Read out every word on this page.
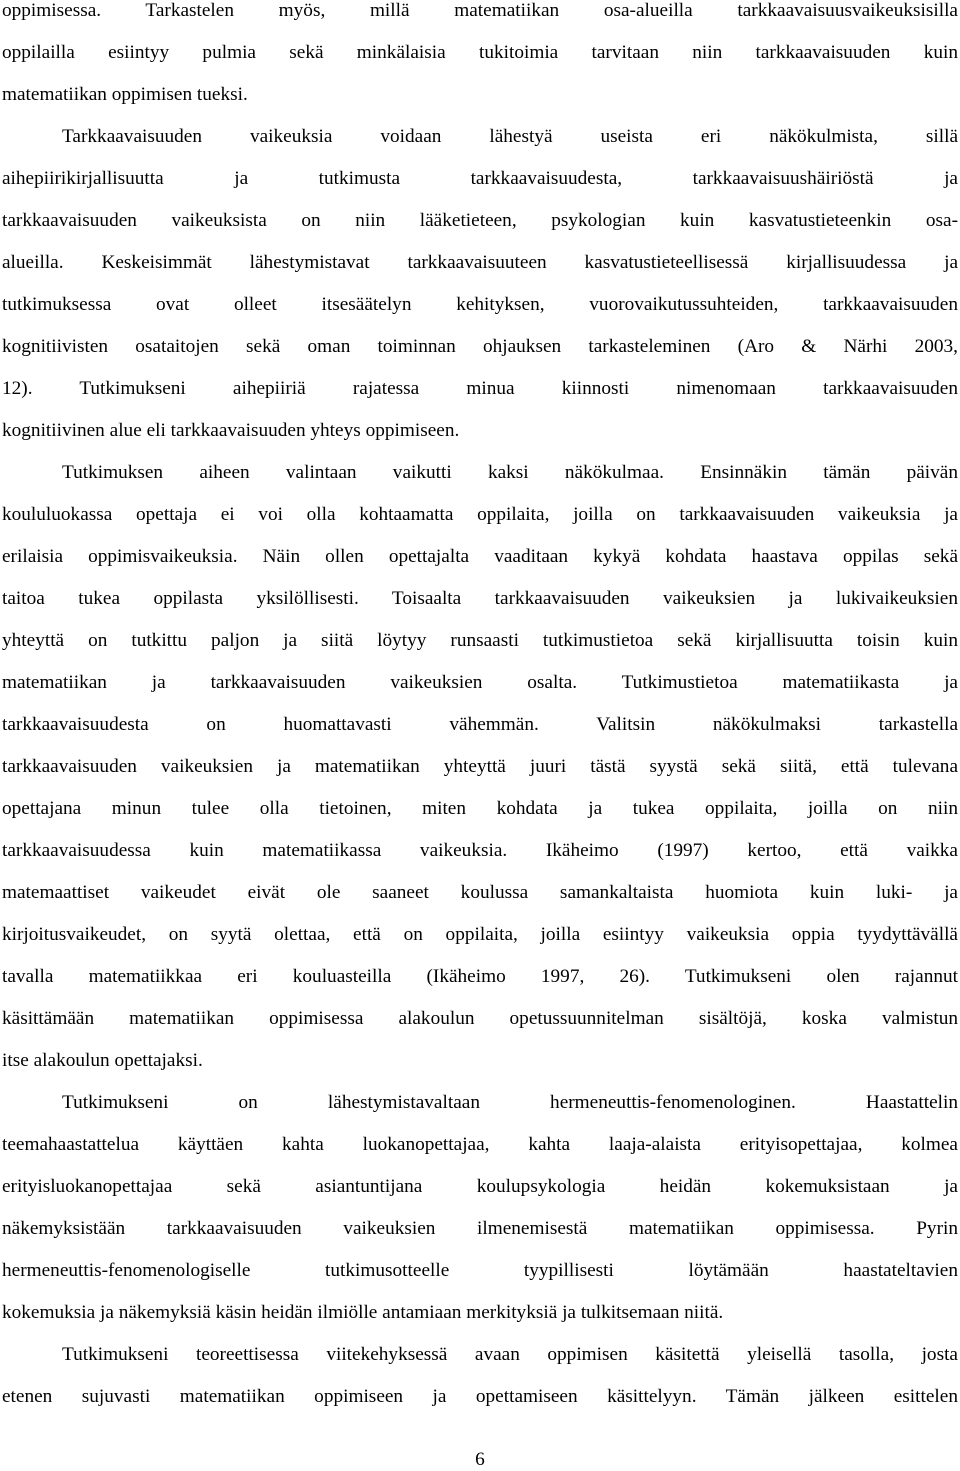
oppimisessa. Tarkastelen myös, millä matematiikan osa-alueilla tarkkaavaisuusvaikeuksisilla
oppilailla esiintyy pulmia sekä minkälaisia tukitoimia tarvitaan niin tarkkaavaisuuden kuin
matematiikan oppimisen tueksi.
Tarkkaavaisuuden vaikeuksia voidaan lähestyä useista eri näkökulmista, sillä
aihepiirikirjallisuutta ja tutkimusta tarkkaavaisuudesta, tarkkaavaisuushäiriöstä ja
tarkkaavaisuuden vaikeuksista on niin lääketieteen, psykologian kuin kasvatustieteenkin osa-
alueilla. Keskeisimmät lähestymistavat tarkkaavaisuuteen kasvatustieteellisessä kirjallisuudessa ja
tutkimuksessa ovat olleet itsesäätelyn kehityksen, vuorovaikutussuhteiden, tarkkaavaisuuden
kognitiivisten osataitojen sekä oman toiminnan ohjauksen tarkasteleminen (Aro & Närhi 2003,
12). Tutkimukseni aihepiiriä rajatessa minua kiinnosti nimenomaan tarkkaavaisuuden
kognitiivinen alue eli tarkkaavaisuuden yhteys oppimiseen.
Tutkimuksen aiheen valintaan vaikutti kaksi näkökulmaa. Ensinnäkin tämän päivän
koululuokassa opettaja ei voi olla kohtaamatta oppilaita, joilla on tarkkaavaisuuden vaikeuksia ja
erilaisia oppimisvaikeuksia. Näin ollen opettajalta vaaditaan kykyä kohdata haastava oppilas sekä
taitoa tukea oppilasta yksilöllisesti. Toisaalta tarkkaavaisuuden vaikeuksien ja lukivaikeuksien
yhteyttä on tutkittu paljon ja siitä löytyy runsaasti tutkimustietoa sekä kirjallisuutta toisin kuin
matematiikan ja tarkkaavaisuuden vaikeuksien osalta. Tutkimustietoa matematiikasta ja
tarkkaavaisuudesta on huomattavasti vähemmän. Valitsin näkökulmaksi tarkastella
tarkkaavaisuuden vaikeuksien ja matematiikan yhteyttä juuri tästä syystä sekä siitä, että tulevana
opettajana minun tulee olla tietoinen, miten kohdata ja tukea oppilaita, joilla on niin
tarkkaavaisuudessa kuin matematiikassa vaikeuksia. Ikäheimo (1997) kertoo, että vaikka
matemaattiset vaikeudet eivät ole saaneet koulussa samankaltaista huomiota kuin luki- ja
kirjoitusvaikeudet, on syytä olettaa, että on oppilaita, joilla esiintyy vaikeuksia oppia tyydyttävällä
tavalla matematiikkaa eri kouluasteilla (Ikäheimo 1997, 26). Tutkimukseni olen rajannut
käsittämään matematiikan oppimisessa alakoulun opetussuunnitelman sisältöjä, koska valmistun
itse alakoulun opettajaksi.
Tutkimukseni on lähestymistavaltaan hermeneuttis-fenomenologinen. Haastattelin
teemahaastattelua käyttäen kahta luokanopettajaa, kahta laaja-alaista erityisopettajaa, kolmea
erityisluokanopettajaa sekä asiantuntijana koulupsykologia heidän kokemuksistaan ja
näkemyksistään tarkkaavaisuuden vaikeuksien ilmenemisestä matematiikan oppimisessa. Pyrin
hermeneuttis-fenomenologiselle tutkimusotteelle tyypillisesti löytämään haastateltavien
kokemuksia ja näkemyksiä käsin heidän ilmiölle antamiaan merkityksiä ja tulkitsemaan niitä.
Tutkimukseni teoreettisessa viitekehyksessä avaan oppimisen käsitettä yleisellä tasolla, josta
etenen sujuvasti matematiikan oppimiseen ja opettamiseen käsittelyyn. Tämän jälkeen esittelen
6
